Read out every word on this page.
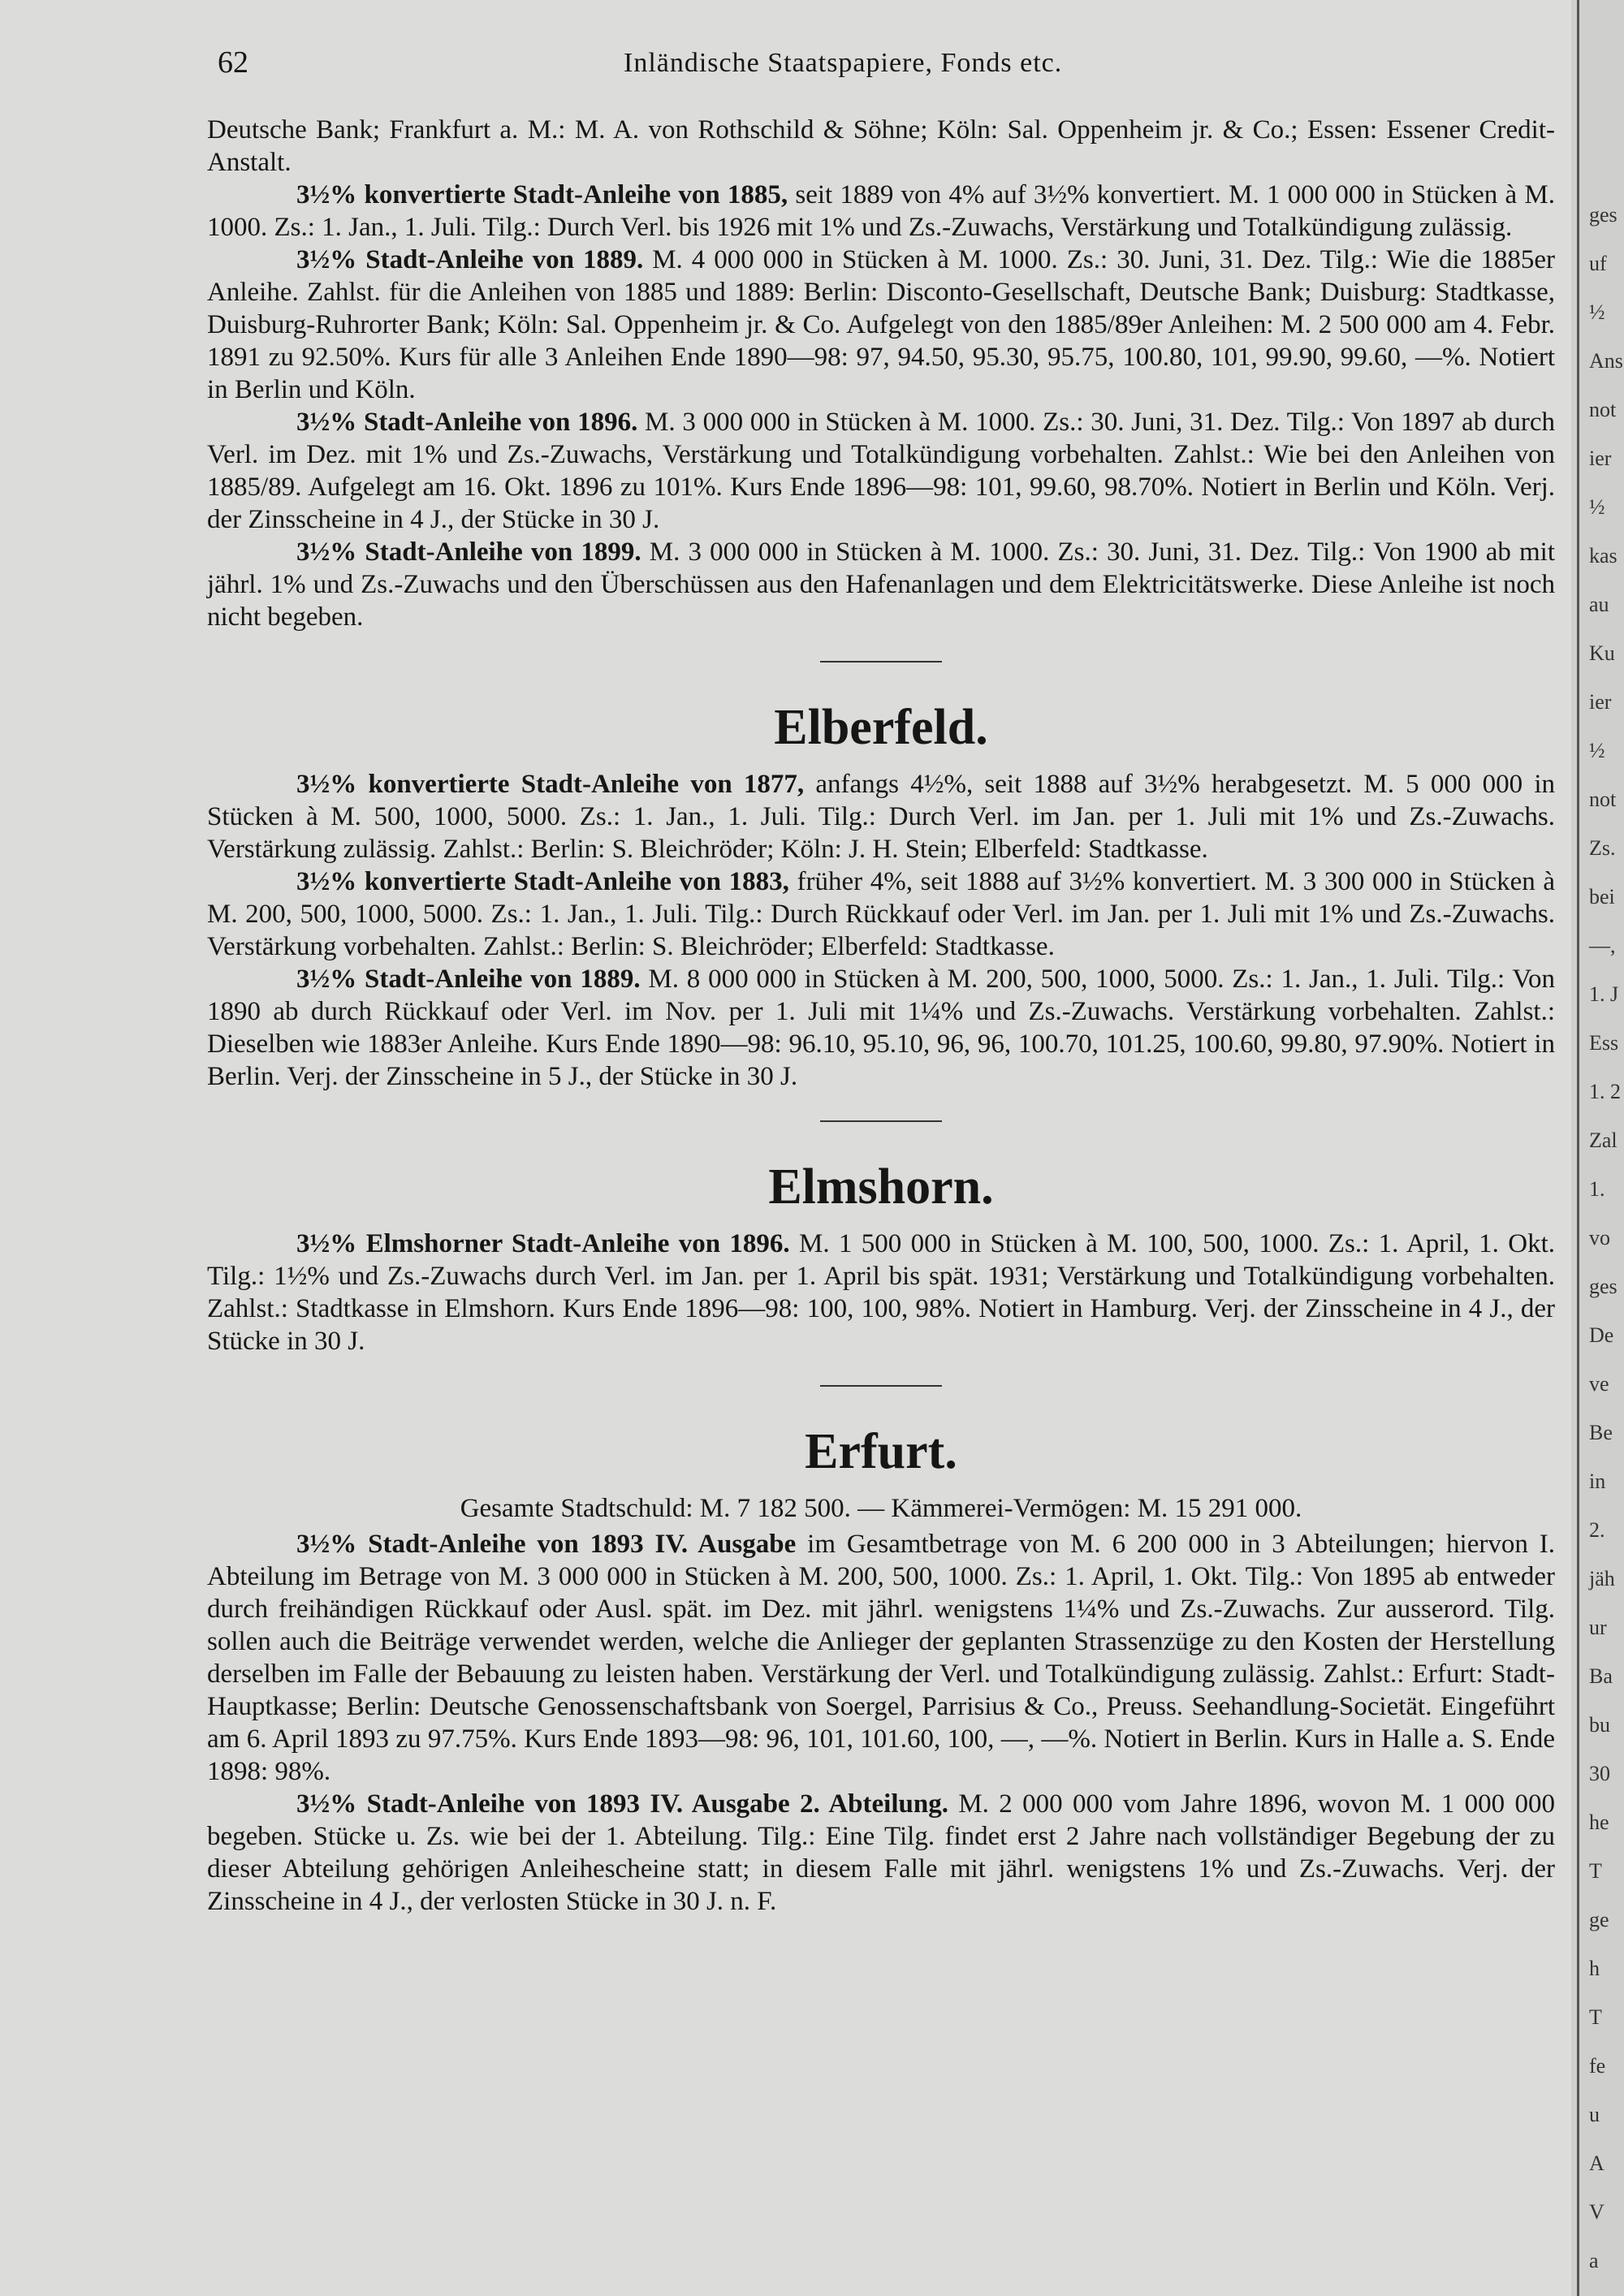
62	Inländische Staatspapiere, Fonds etc.

Deutsche Bank; Frankfurt a. M.: M. A. von Rothschild & Söhne; Köln: Sal. Oppenheim jr. & Co.; Essen: Essener Credit-Anstalt.

3½% konvertierte Stadt-Anleihe von 1885, seit 1889 von 4% auf 3½% konvertiert. M. 1 000 000 in Stücken à M. 1000. Zs.: 1. Jan., 1. Juli. Tilg.: Durch Verl. bis 1926 mit 1% und Zs.-Zuwachs, Verstärkung und Totalkündigung zulässig.

3½% Stadt-Anleihe von 1889. M. 4 000 000 in Stücken à M. 1000. Zs.: 30. Juni, 31. Dez. Tilg.: Wie die 1885er Anleihe. Zahlst. für die Anleihen von 1885 und 1889: Berlin: Disconto-Gesellschaft, Deutsche Bank; Duisburg: Stadtkasse, Duisburg-Ruhrorter Bank; Köln: Sal. Oppenheim jr. & Co. Aufgelegt von den 1885/89er Anleihen: M. 2 500 000 am 4. Febr. 1891 zu 92.50%. Kurs für alle 3 Anleihen Ende 1890—98: 97, 94.50, 95.30, 95.75, 100.80, 101, 99.90, 99.60, —%. Notiert in Berlin und Köln.

3½% Stadt-Anleihe von 1896. M. 3 000 000 in Stücken à M. 1000. Zs.: 30. Juni, 31. Dez. Tilg.: Von 1897 ab durch Verl. im Dez. mit 1% und Zs.-Zuwachs, Verstärkung und Totalkündigung vorbehalten. Zahlst.: Wie bei den Anleihen von 1885/89. Aufgelegt am 16. Okt. 1896 zu 101%. Kurs Ende 1896—98: 101, 99.60, 98.70%. Notiert in Berlin und Köln. Verj. der Zinsscheine in 4 J., der Stücke in 30 J.

3½% Stadt-Anleihe von 1899. M. 3 000 000 in Stücken à M. 1000. Zs.: 30. Juni, 31. Dez. Tilg.: Von 1900 ab mit jährl. 1% und Zs.-Zuwachs und den Überschüssen aus den Hafenanlagen und dem Elektricitätswerke. Diese Anleihe ist noch nicht begeben.

Elberfeld.

3½% konvertierte Stadt-Anleihe von 1877, anfangs 4½%, seit 1888 auf 3½% herabgesetzt. M. 5 000 000 in Stücken à M. 500, 1000, 5000. Zs.: 1. Jan., 1. Juli. Tilg.: Durch Verl. im Jan. per 1. Juli mit 1% und Zs.-Zuwachs. Verstärkung zulässig. Zahlst.: Berlin: S. Bleichröder; Köln: J. H. Stein; Elberfeld: Stadtkasse.

3½% konvertierte Stadt-Anleihe von 1883, früher 4%, seit 1888 auf 3½% konvertiert. M. 3 300 000 in Stücken à M. 200, 500, 1000, 5000. Zs.: 1. Jan., 1. Juli. Tilg.: Durch Rückkauf oder Verl. im Jan. per 1. Juli mit 1% und Zs.-Zuwachs. Verstärkung vorbehalten. Zahlst.: Berlin: S. Bleichröder; Elberfeld: Stadtkasse.

3½% Stadt-Anleihe von 1889. M. 8 000 000 in Stücken à M. 200, 500, 1000, 5000. Zs.: 1. Jan., 1. Juli. Tilg.: Von 1890 ab durch Rückkauf oder Verl. im Nov. per 1. Juli mit 1¼% und Zs.-Zuwachs. Verstärkung vorbehalten. Zahlst.: Dieselben wie 1883er Anleihe. Kurs Ende 1890—98: 96.10, 95.10, 96, 96, 100.70, 101.25, 100.60, 99.80, 97.90%. Notiert in Berlin. Verj. der Zinsscheine in 5 J., der Stücke in 30 J.

Elmshorn.

3½% Elmshorner Stadt-Anleihe von 1896. M. 1 500 000 in Stücken à M. 100, 500, 1000. Zs.: 1. April, 1. Okt. Tilg.: 1½% und Zs.-Zuwachs durch Verl. im Jan. per 1. April bis spät. 1931; Verstärkung und Totalkündigung vorbehalten. Zahlst.: Stadtkasse in Elmshorn. Kurs Ende 1896—98: 100, 100, 98%. Notiert in Hamburg. Verj. der Zinsscheine in 4 J., der Stücke in 30 J.

Erfurt.

Gesamte Stadtschuld: M. 7 182 500. — Kämmerei-Vermögen: M. 15 291 000.

3½% Stadt-Anleihe von 1893 IV. Ausgabe im Gesamtbetrage von M. 6 200 000 in 3 Abteilungen; hiervon I. Abteilung im Betrage von M. 3 000 000 in Stücken à M. 200, 500, 1000. Zs.: 1. April, 1. Okt. Tilg.: Von 1895 ab entweder durch freihändigen Rückkauf oder Ausl. spät. im Dez. mit jährl. wenigstens 1¼% und Zs.-Zuwachs. Zur ausserord. Tilg. sollen auch die Beiträge verwendet werden, welche die Anlieger der geplanten Strassenzüge zu den Kosten der Herstellung derselben im Falle der Bebauung zu leisten haben. Verstärkung der Verl. und Totalkündigung zulässig. Zahlst.: Erfurt: Stadt-Hauptkasse; Berlin: Deutsche Genossenschaftsbank von Soergel, Parrisius & Co., Preuss. Seehandlung-Societät. Eingeführt am 6. April 1893 zu 97.75%. Kurs Ende 1893—98: 96, 101, 101.60, 100, —, —%. Notiert in Berlin. Kurs in Halle a. S. Ende 1898: 98%.

3½% Stadt-Anleihe von 1893 IV. Ausgabe 2. Abteilung. M. 2 000 000 vom Jahre 1896, wovon M. 1 000 000 begeben. Stücke u. Zs. wie bei der 1. Abteilung. Tilg.: Eine Tilg. findet erst 2 Jahre nach vollständiger Begebung der zu dieser Abteilung gehörigen Anleihescheine statt; in diesem Falle mit jährl. wenigstens 1% und Zs.-Zuwachs. Verj. der Zinsscheine in 4 J., der verlosten Stücke in 30 J. n. F.

ges
uf
½
Ans
not
ier
½
kas
au
Ku
ier
½
not
Zs.
bei
—,
1. J
Ess
1. 2
Zal
1.
vo
ges
De
ve
Be
in
2.
jäh
ur
Ba
bu
30
he
T
ge
h
T
fe
u
A
V
a
